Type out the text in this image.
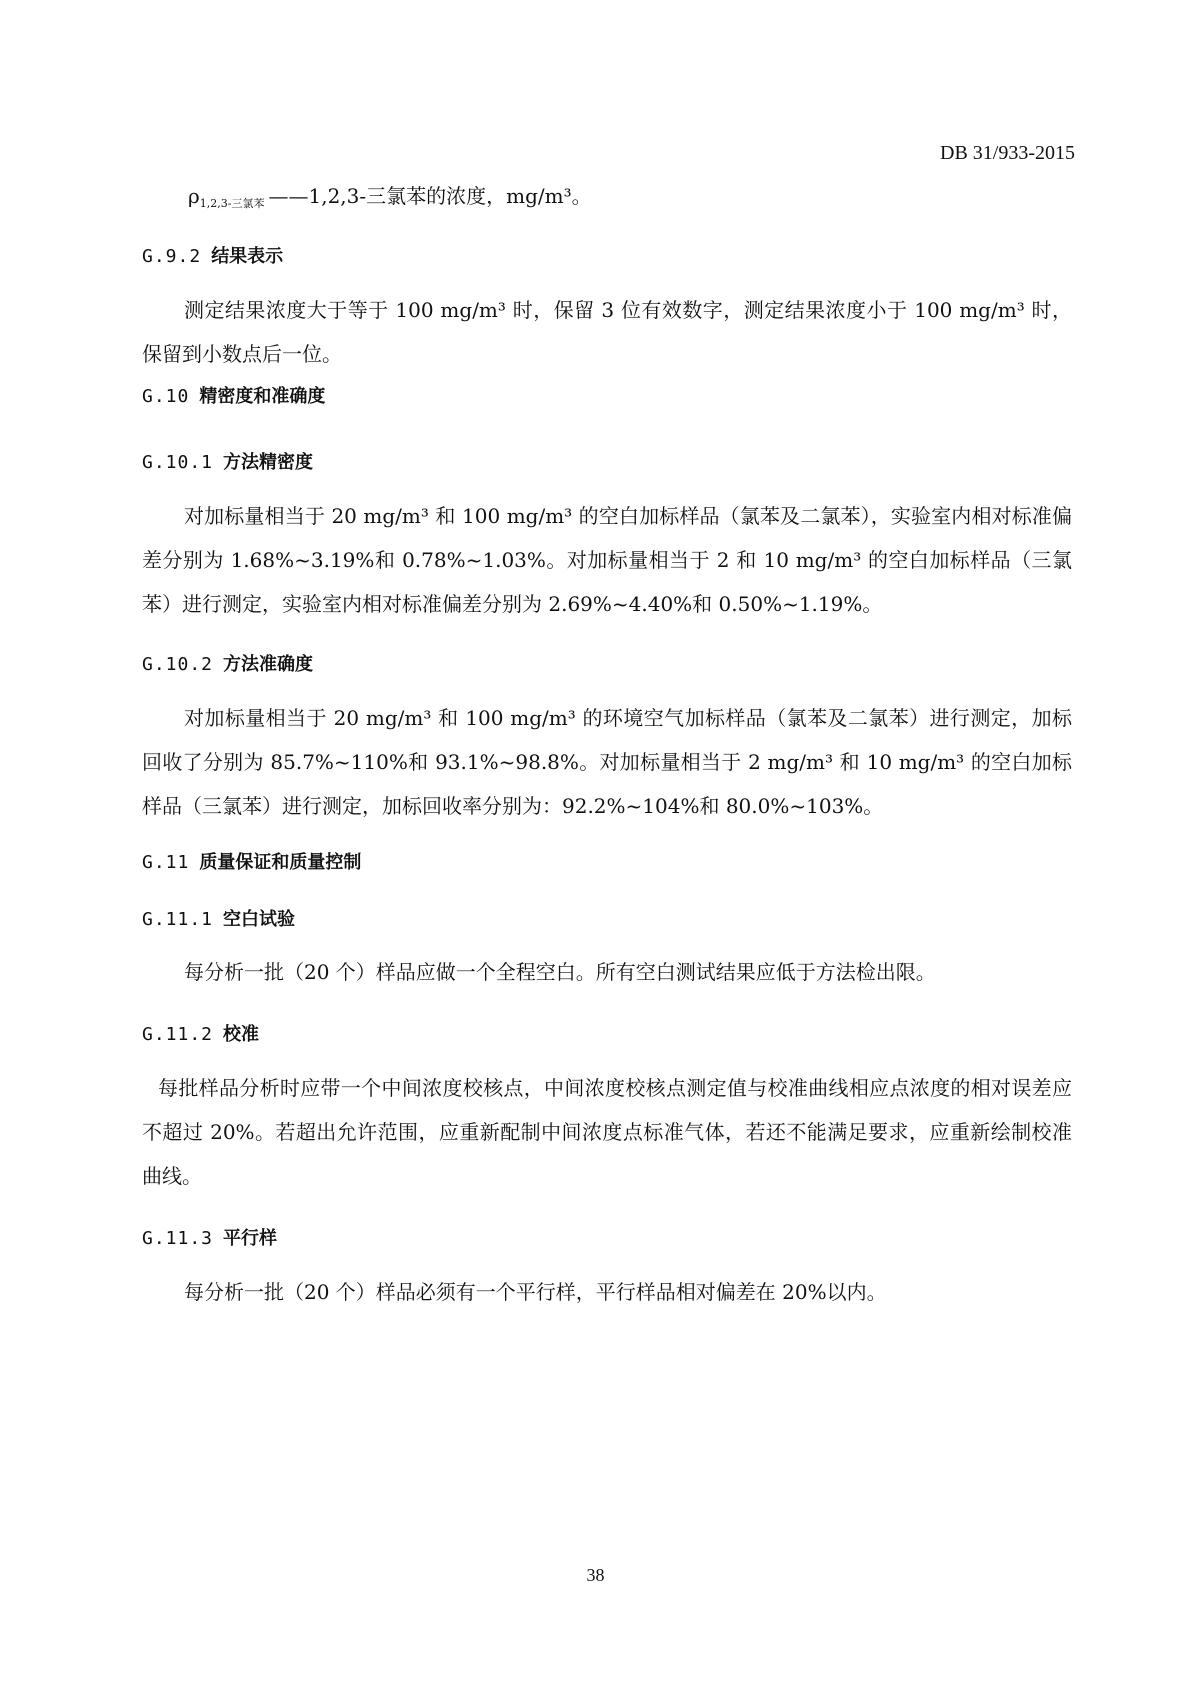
DB 31/933-2015
$\rho_{1,2,3-三氯苯}$ ——1,2,3-三氯苯的浓度，mg/m³。
G.9.2 结果表示
测定结果浓度大于等于 100 mg/m³ 时，保留 3 位有效数字，测定结果浓度小于 100 mg/m³ 时，保留到小数点后一位。
G.10 精密度和准确度
G.10.1 方法精密度
对加标量相当于 20 mg/m³ 和 100 mg/m³ 的空白加标样品（氯苯及二氯苯），实验室内相对标准偏差分别为 1.68%~3.19%和 0.78%~1.03%。对加标量相当于 2 和 10 mg/m³ 的空白加标样品（三氯苯）进行测定，实验室内相对标准偏差分别为 2.69%~4.40%和 0.50%~1.19%。
G.10.2 方法准确度
对加标量相当于 20 mg/m³ 和 100 mg/m³ 的环境空气加标样品（氯苯及二氯苯）进行测定，加标回收了分别为 85.7%~110%和 93.1%~98.8%。对加标量相当于 2 mg/m³ 和 10 mg/m³ 的空白加标样品（三氯苯）进行测定，加标回收率分别为：92.2%~104%和 80.0%~103%。
G.11 质量保证和质量控制
G.11.1 空白试验
每分析一批（20 个）样品应做一个全程空白。所有空白测试结果应低于方法检出限。
G.11.2 校准
每批样品分析时应带一个中间浓度校核点，中间浓度校核点测定值与校准曲线相应点浓度的相对误差应不超过 20%。若超出允许范围，应重新配制中间浓度点标准气体，若还不能满足要求，应重新绘制校准曲线。
G.11.3 平行样
每分析一批（20 个）样品必须有一个平行样，平行样品相对偏差在 20%以内。
38
